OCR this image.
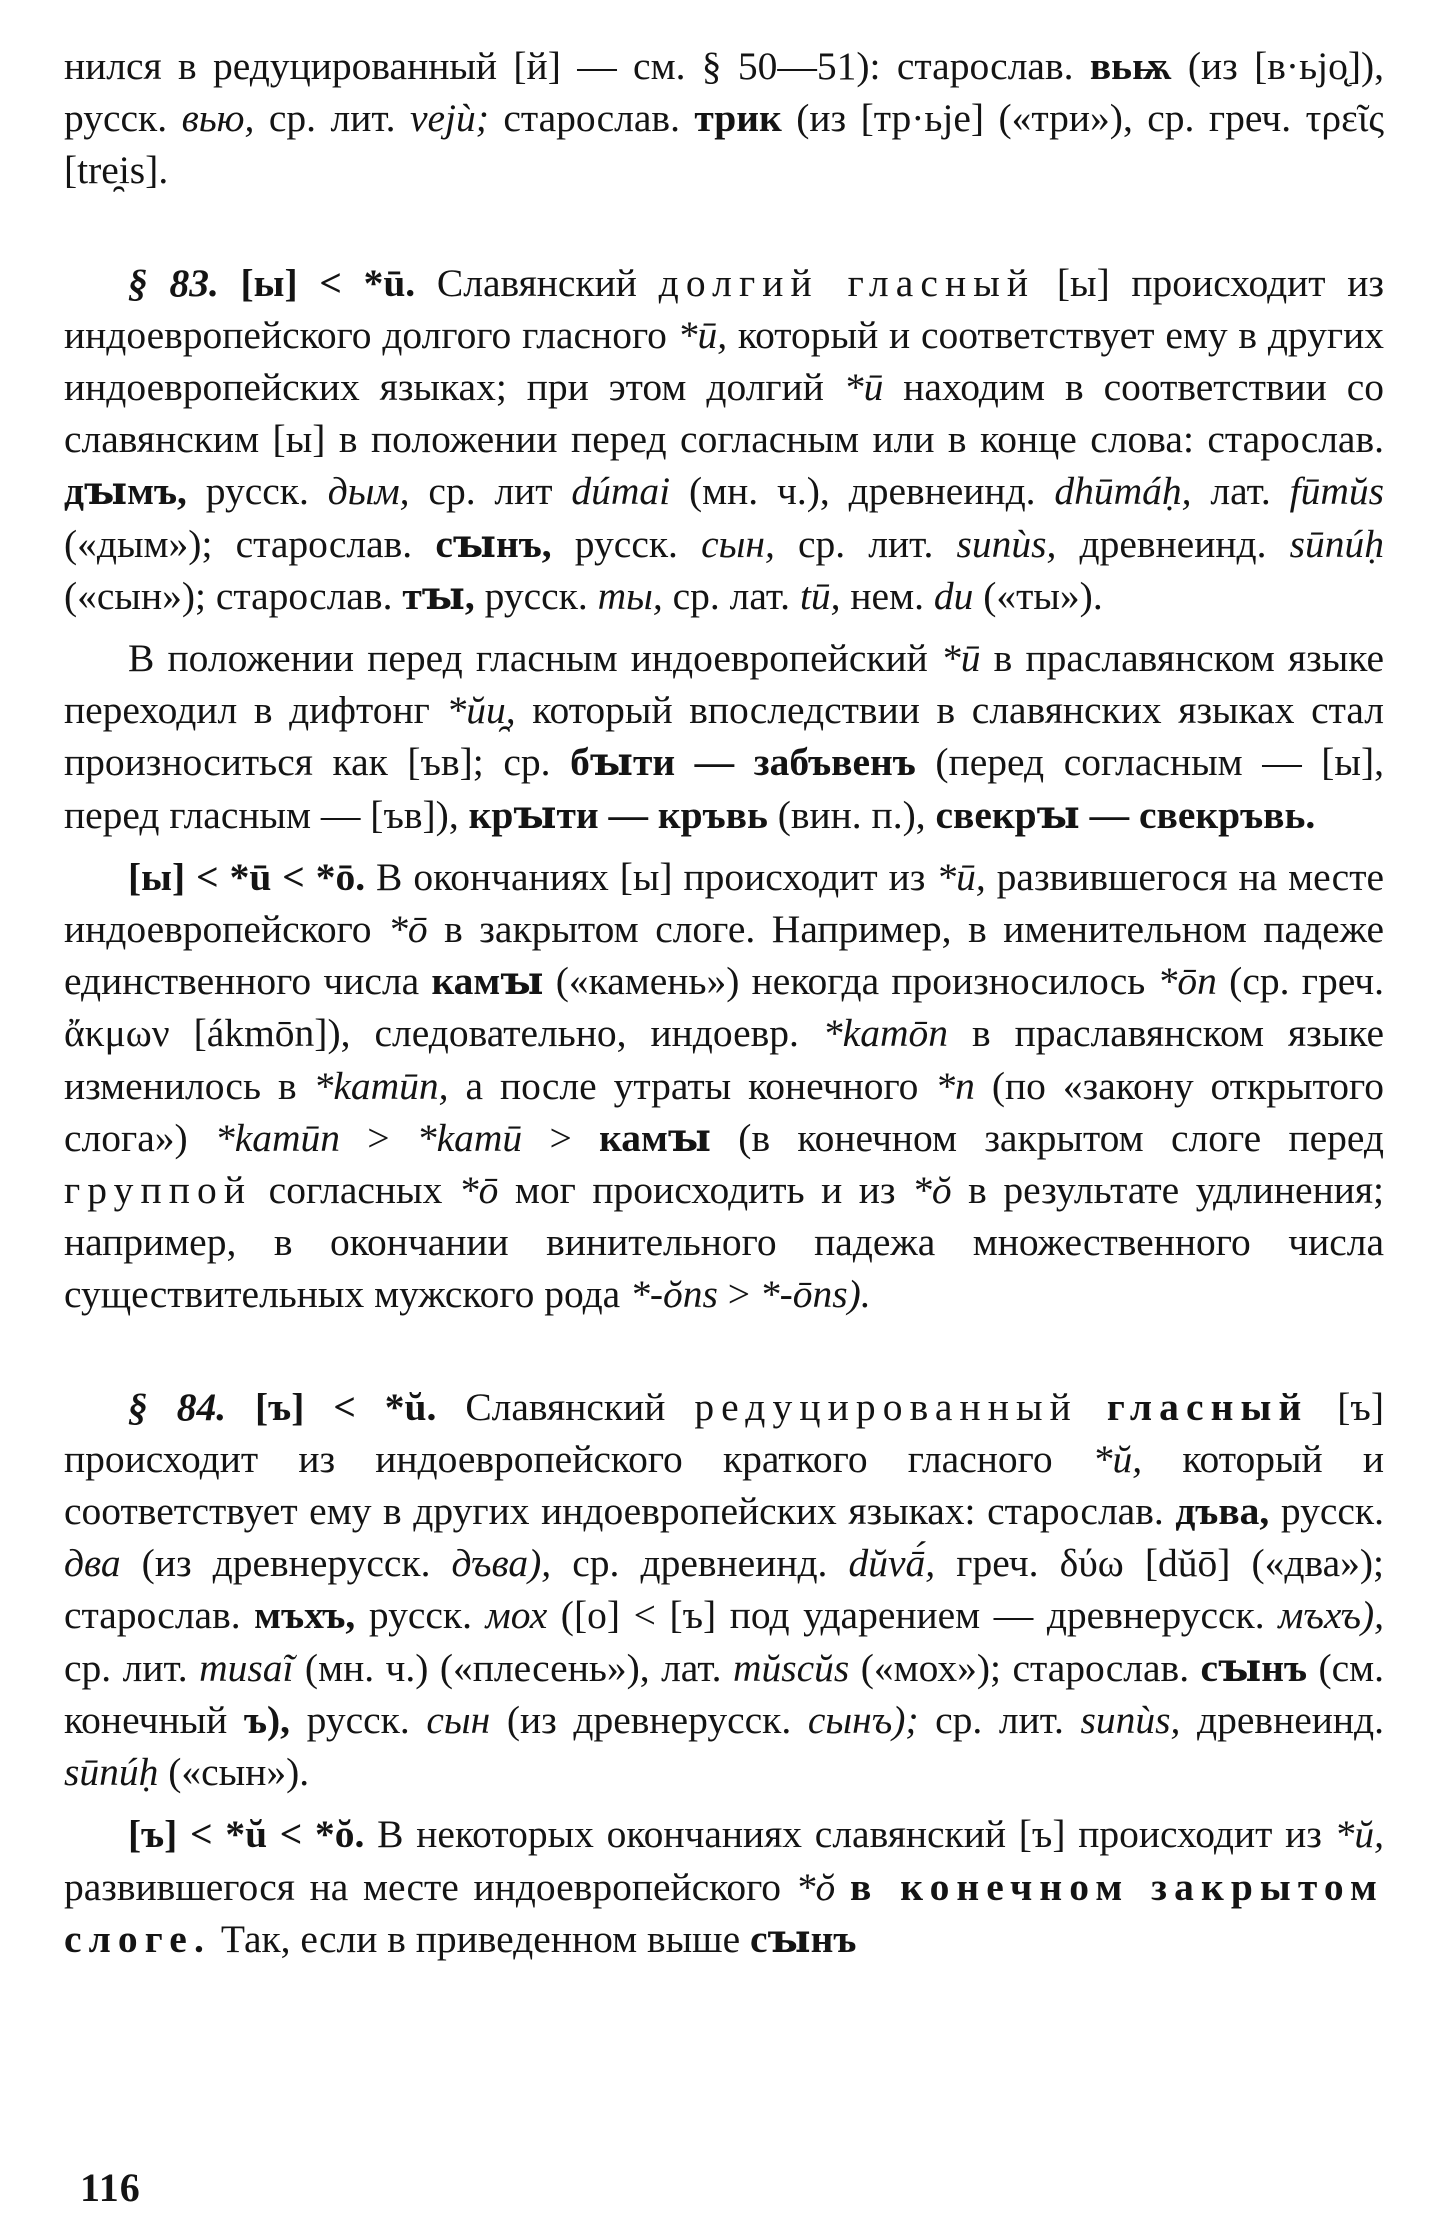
нился в редуцированный [й] — см. § 50—51): старослав. вьѭ (из [в·ьјо̨]), русск. вью, ср. лит. vejù; старослав. трик (из [тр·ьје] («три»), ср. греч. τρεῖς [tre̯is].

§ 83. [ы] < *ū. Славянский долгий гласный [ы] происходит из индоевропейского долгого гласного *ū, который и соответствует ему в других индоевропейских языках; при этом долгий *ū находим в соответствии со славянским [ы] в положении перед согласным или в конце слова: старослав. дꙑмъ, русск. дым, ср. лит dúmai (мн. ч.), древнеинд. dhūmáḥ, лат. fūmŭs («дым»); старослав. сꙑнъ, русск. сын, ср. лит. sunùs, древнеинд. sūnúḥ («сын»); старослав. тꙑ, русск. ты, ср. лат. tū, нем. du («ты»).

В положении перед гласным индоевропейский *ū в праславянском языке переходил в дифтонг *ŭu̯, который впоследствии в славянских языках стал произноситься как [ъв]; ср. бꙑти — забъвенъ (перед согласным — [ы], перед гласным — [ъв]), крꙑти — кръвь (вин. п.), свекрꙑ — свекръвь.

[ы] < *ū < *ō. В окончаниях [ы] происходит из *ū, развившегося на месте индоевропейского *ō в закрытом слоге. Например, в именительном падеже единственного числа камꙑ («камень») некогда произносилось *ōn (ср. греч. ἄκμων [ákmōn]), следовательно, индоевр. *kamōn в праславянском языке изменилось в *kamūn, а после утраты конечного *n (по «закону открытого слога») *kamūn > *kamū > камꙑ (в конечном закрытом слоге перед группой согласных *ō мог происходить и из *ŏ в результате удлинения; например, в окончании винительного падежа множественного числа существительных мужского рода *-ŏns > *-ōns).

§ 84. [ъ] < *ŭ. Славянский редуцированный гласный [ъ] происходит из индоевропейского краткого гласного *ŭ, который и соответствует ему в других индоевропейских языках: старослав. дъва, русск. два (из древнерусск. дъва), ср. древнеинд. dŭvā́, греч. δύω [dŭō] («два»); старослав. мъхъ, русск. мох ([о] < [ъ] под ударением — древнерусск. мъхъ), ср. лит. musaĩ (мн. ч.) («плесень»), лат. mŭscŭs («мох»); старослав. сꙑнъ (см. конечный ъ), русск. сын (из древнерусск. сынъ); ср. лит. sunùs, древнеинд. sūnúḥ («сын»).

[ъ] < *ŭ < *ŏ. В некоторых окончаниях славянский [ъ] происходит из *ŭ, развившегося на месте индоевропейского *ŏ в конечном закрытом слоге. Так, если в приведенном выше сꙑнъ

116
